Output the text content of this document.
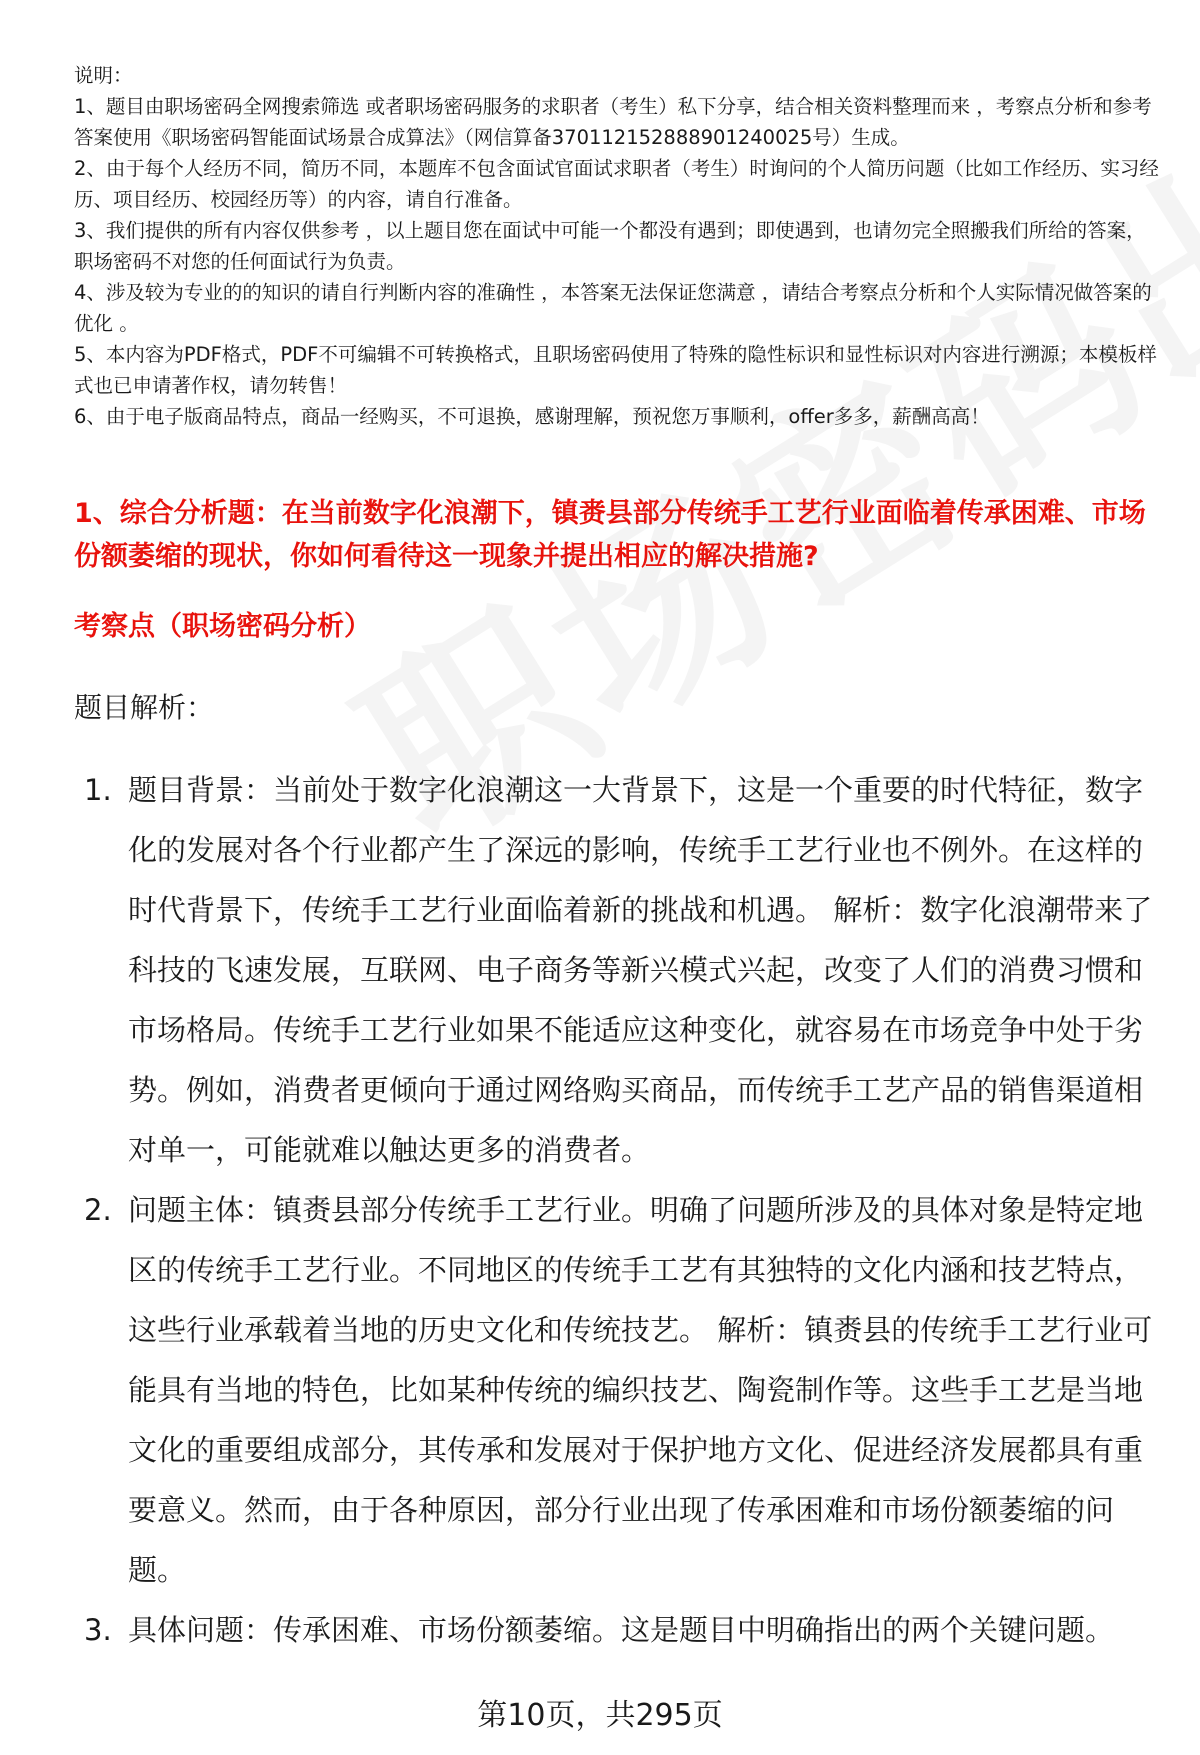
说明：

1、题目由职场密码全网搜索筛选 或者职场密码服务的求职者（考生）私下分享，结合相关资料整理而来 ，考察点分析和参考答案使用《职场密码智能面试场景合成算法》（网信算备370112152888901240025号）生成。

2、由于每个人经历不同，简历不同，本题库不包含面试官面试求职者（考生）时询问的个人简历问题（比如工作经历、实习经历、项目经历、校园经历等）的内容，请自行准备。

3、我们提供的所有内容仅供参考 ，以上题目您在面试中可能一个都没有遇到；即使遇到，也请勿完全照搬我们所给的答案，职场密码不对您的任何面试行为负责。

4、涉及较为专业的的知识的请自行判断内容的准确性 ，本答案无法保证您满意 ，请结合考察点分析和个人实际情况做答案的优化 。

5、本内容为PDF格式，PDF不可编辑不可转换格式，且职场密码使用了特殊的隐性标识和显性标识对内容进行溯源；本模板样式也已申请著作权，请勿转售！

6、由于电子版商品特点，商品一经购买，不可退换，感谢理解，预祝您万事顺利，offer多多，薪酬高高！

1、综合分析题：在当前数字化浪潮下，镇赉县部分传统手工艺行业面临着传承困难、市场份额萎缩的现状，你如何看待这一现象并提出相应的解决措施?
考察点（职场密码分析）

题目解析：

1. 题目背景：当前处于数字化浪潮这一大背景下，这是一个重要的时代特征，数字化的发展对各个行业都产生了深远的影响，传统手工艺行业也不例外。在这样的时代背景下，传统手工艺行业面临着新的挑战和机遇。 解析：数字化浪潮带来了科技的飞速发展，互联网、电子商务等新兴模式兴起，改变了人们的消费习惯和市场格局。传统手工艺行业如果不能适应这种变化，就容易在市场竞争中处于劣势。例如，消费者更倾向于通过网络购买商品，而传统手工艺产品的销售渠道相对单一，可能就难以触达更多的消费者。
2. 问题主体：镇赉县部分传统手工艺行业。明确了问题所涉及的具体对象是特定地区的传统手工艺行业。不同地区的传统手工艺有其独特的文化内涵和技艺特点，这些行业承载着当地的历史文化和传统技艺。 解析：镇赉县的传统手工艺行业可能具有当地的特色，比如某种传统的编织技艺、陶瓷制作等。这些手工艺是当地文化的重要组成部分，其传承和发展对于保护地方文化、促进经济发展都具有重要意义。然而，由于各种原因，部分行业出现了传承困难和市场份额萎缩的问题。
3. 具体问题：传承困难、市场份额萎缩。这是题目中明确指出的两个关键问题。

第10页，共295页
